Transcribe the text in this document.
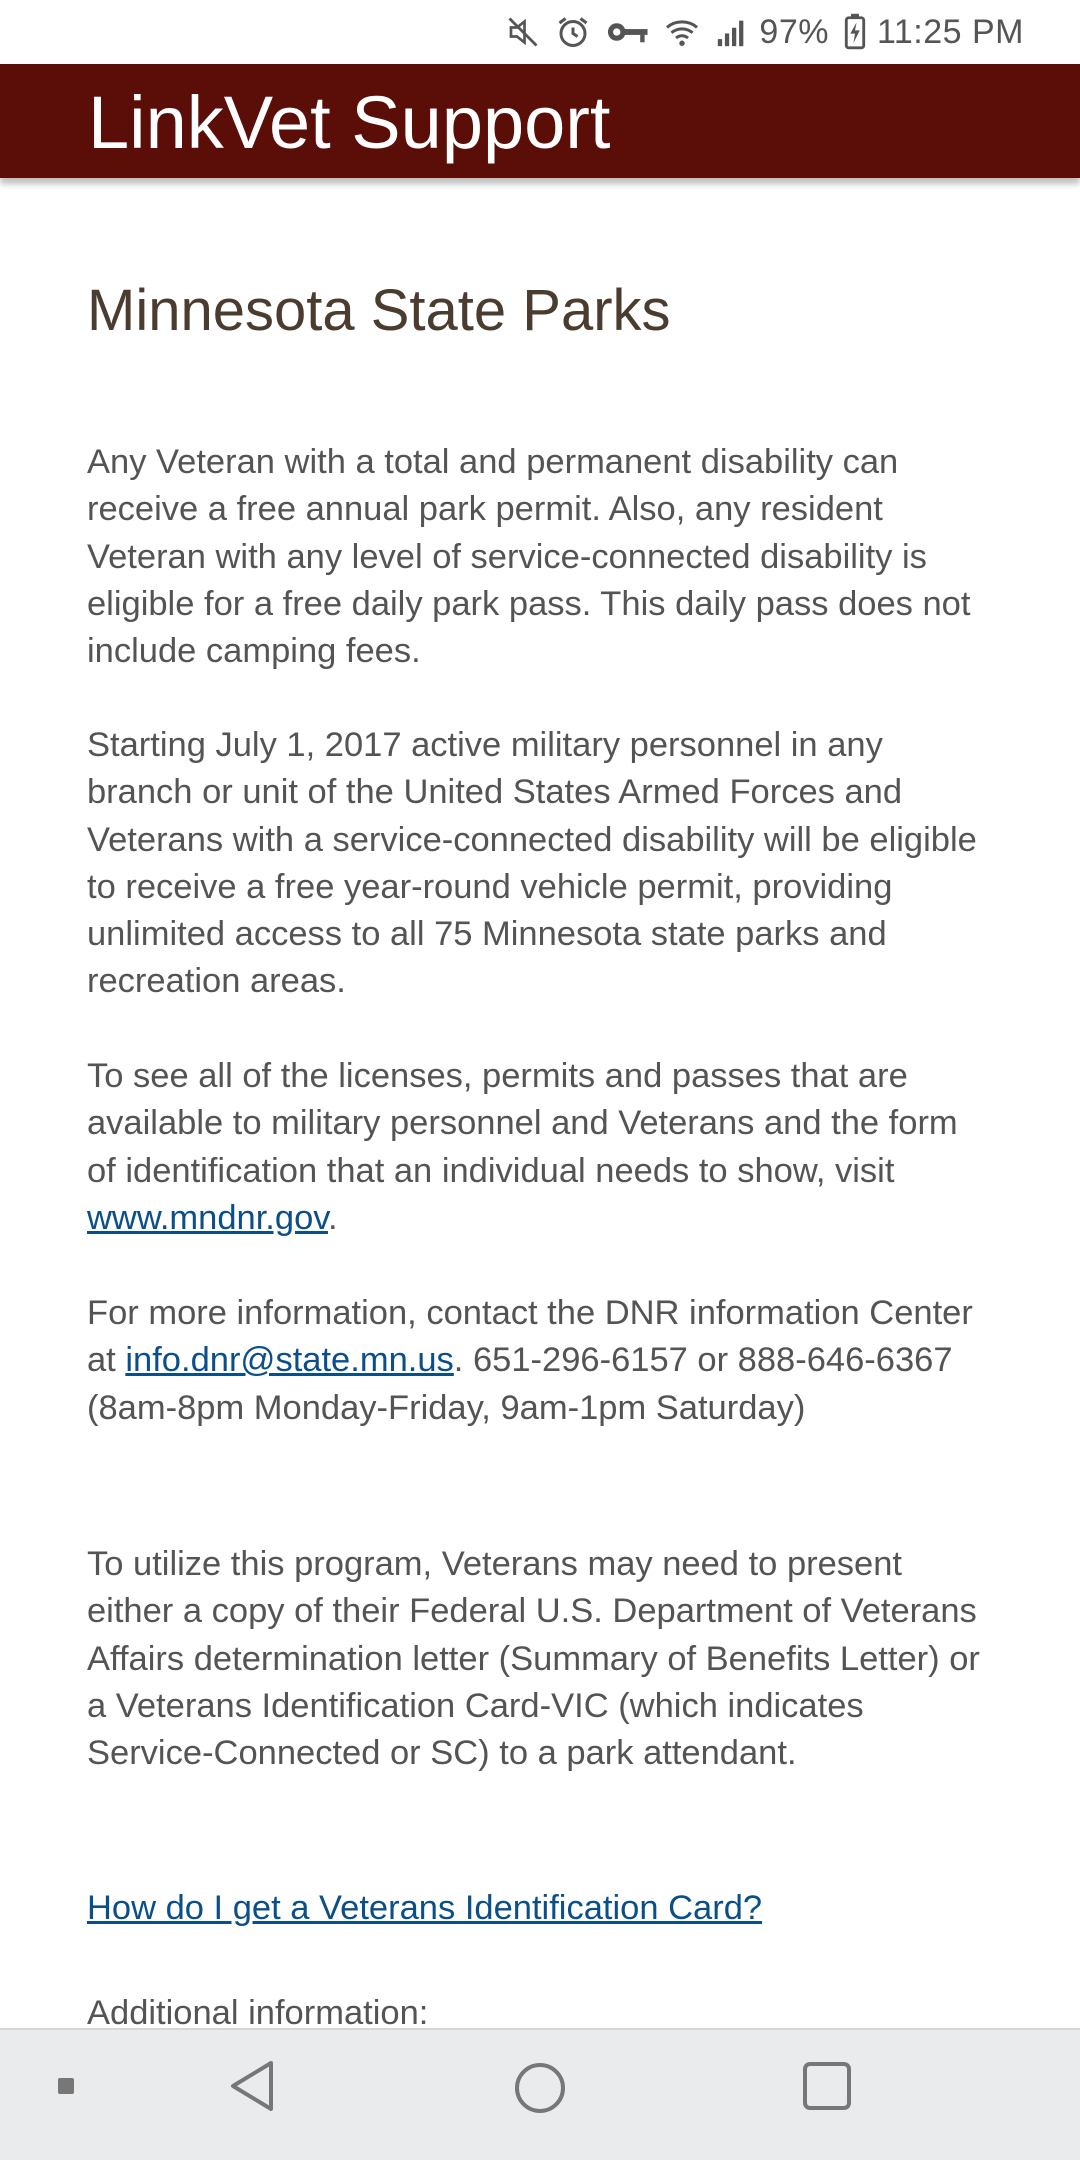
97% 11:25 PM
LinkVet Support
Minnesota State Parks

Any Veteran with a total and permanent disability can receive a free annual park permit. Also, any resident Veteran with any level of service-connected disability is eligible for a free daily park pass. This daily pass does not include camping fees.

Starting July 1, 2017 active military personnel in any branch or unit of the United States Armed Forces and Veterans with a service-connected disability will be eligible to receive a free year-round vehicle permit, providing unlimited access to all 75 Minnesota state parks and recreation areas.

To see all of the licenses, permits and passes that are available to military personnel and Veterans and the form of identification that an individual needs to show, visit www.mndnr.gov.

For more information, contact the DNR information Center at info.dnr@state.mn.us. 651-296-6157 or 888-646-6367 (8am-8pm Monday-Friday, 9am-1pm Saturday)

To utilize this program, Veterans may need to present either a copy of their Federal U.S. Department of Veterans Affairs determination letter (Summary of Benefits Letter) or a Veterans Identification Card-VIC (which indicates Service-Connected or SC) to a park attendant.

How do I get a Veterans Identification Card?

Additional information:
